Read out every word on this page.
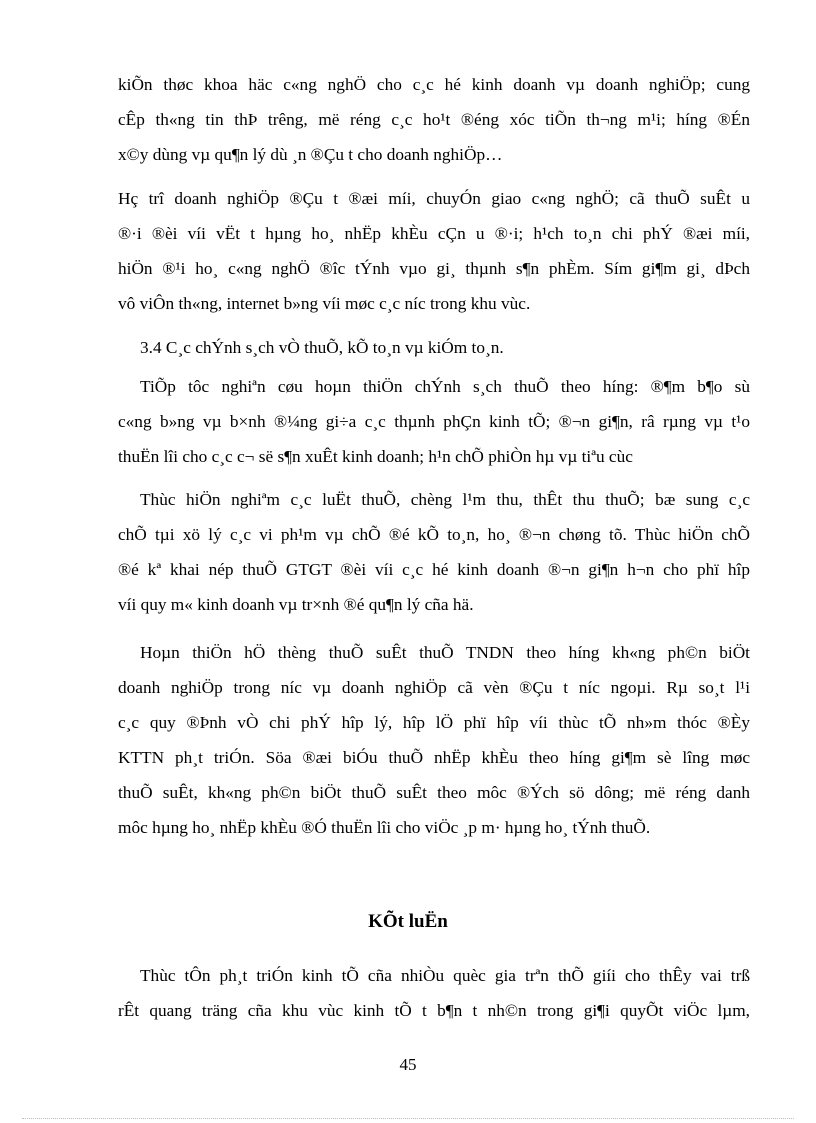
kiÕn thøc khoa häc c«ng nghÖ cho c¸c hé kinh doanh vµ doanh nghiÖp; cung
cÊp th«ng tin thÞ trêng, më réng c¸c ho¹t ®éng xóc tiÕn th¬ng m¹i; híng ®Én
x©y dùng vµ qu¶n lý dù ¸n ®Çu t cho doanh nghiÖp…
Hç trî doanh nghiÖp ®Çu t ®æi míi, chuyÓn giao c«ng nghÖ; cã thuÕ suÊt u
®·i ®èi víi vËt t hµng ho¸ nhËp khÈu cÇn u ®·i; h¹ch to¸n chi phÝ ®æi míi,
hiÖn ®¹i ho¸ c«ng nghÖ ®îc tÝnh vµo gi¸ thµnh s¶n phÈm. Sím gi¶m gi¸ dÞch
vô viÔn th«ng, internet b»ng víi møc c¸c níc trong khu vùc.
3.4 C¸c chÝnh s¸ch vÒ thuÕ, kÕ to¸n vµ kiÓm to¸n.
TiÕp tôc nghiªn cøu hoµn thiÖn chÝnh s¸ch thuÕ theo híng: ®¶m b¶o sù
c«ng b»ng vµ b×nh ®¼ng gi÷a c¸c thµnh phÇn kinh tÕ; ®¬n gi¶n, râ rµng vµ t¹o
thuËn lîi cho c¸c c¬ së s¶n xuÊt kinh doanh; h¹n chÕ phiÒn hµ vµ tiªu cùc
Thùc hiÖn nghiªm c¸c luËt thuÕ, chèng l¹m thu, thÊt thu thuÕ; bæ sung c¸c
chÕ tµi xö lý c¸c vi ph¹m vµ chÕ ®é kÕ to¸n, ho¸ ®¬n chøng tõ. Thùc hiÖn chÕ
®é kª khai nép thuÕ GTGT ®èi víi c¸c hé kinh doanh ®¬n gi¶n h¬n cho phï hîp
víi quy m« kinh doanh vµ tr×nh ®é qu¶n lý cña hä.
Hoµn thiÖn hÖ thèng thuÕ suÊt thuÕ TNDN theo híng kh«ng ph©n biÖt
doanh nghiÖp trong níc vµ doanh nghiÖp cã vèn ®Çu t níc ngoµi. Rµ so¸t l¹i
c¸c quy ®Þnh vÒ chi phÝ hîp lý, hîp lÖ phï hîp víi thùc tÕ nh»m thóc ®Èy
KTTN ph¸t triÓn. Söa ®æi biÓu thuÕ nhËp khÈu theo híng gi¶m sè lîng møc
thuÕ suÊt, kh«ng ph©n biÖt thuÕ suÊt theo môc ®Ých sö dông; më réng danh
môc hµng ho¸ nhËp khÈu ®Ó thuËn lîi cho viÖc ¸p m· hµng ho¸ tÝnh thuÕ.
KÕt luËn
Thùc tÔn ph¸t triÓn kinh tÕ cña nhiÒu quèc gia trªn thÕ giíi cho thÊy vai trß
rÊt quang träng cña khu vùc kinh tÕ t b¶n t nh©n trong gi¶i quyÕt viÖc lµm,
45
